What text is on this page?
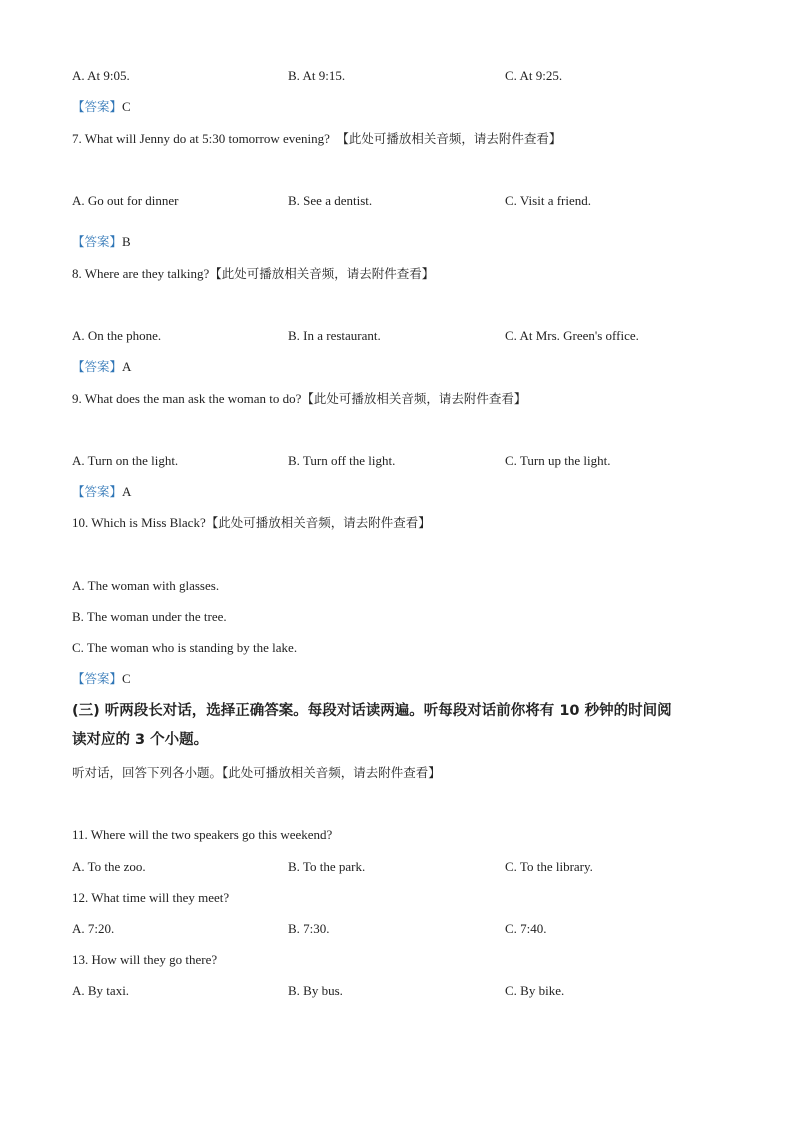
A. At 9:05.	B. At 9:15.	C. At 9:25.
【答案】C
7. What will Jenny do at 5:30 tomorrow evening? 【此处可播放相关音频，请去附件查看】
A. Go out for dinner	B. See a dentist.	C. Visit a friend.
【答案】B
8. Where are they talking?【此处可播放相关音频，请去附件查看】
A. On the phone.	B. In a restaurant.	C. At Mrs. Green's office.
【答案】A
9. What does the man ask the woman to do?【此处可播放相关音频，请去附件查看】
A. Turn on the light.	B. Turn off the light.	C. Turn up the light.
【答案】A
10. Which is Miss Black?【此处可播放相关音频，请去附件查看】
A. The woman with glasses.
B. The woman under the tree.
C. The woman who is standing by the lake.
【答案】C
(三) 听两段长对话，选择正确答案。每段对话读两遍。听每段对话前你将有 10 秒钟的时间阅
读对应的 3 个小题。
听对话，回答下列各小题。【此处可播放相关音频，请去附件查看】
11. Where will the two speakers go this weekend?
A. To the zoo.	B. To the park.	C. To the library.
12. What time will they meet?
A. 7:20.	B. 7:30.	C. 7:40.
13. How will they go there?
A. By taxi.	B. By bus.	C. By bike.
